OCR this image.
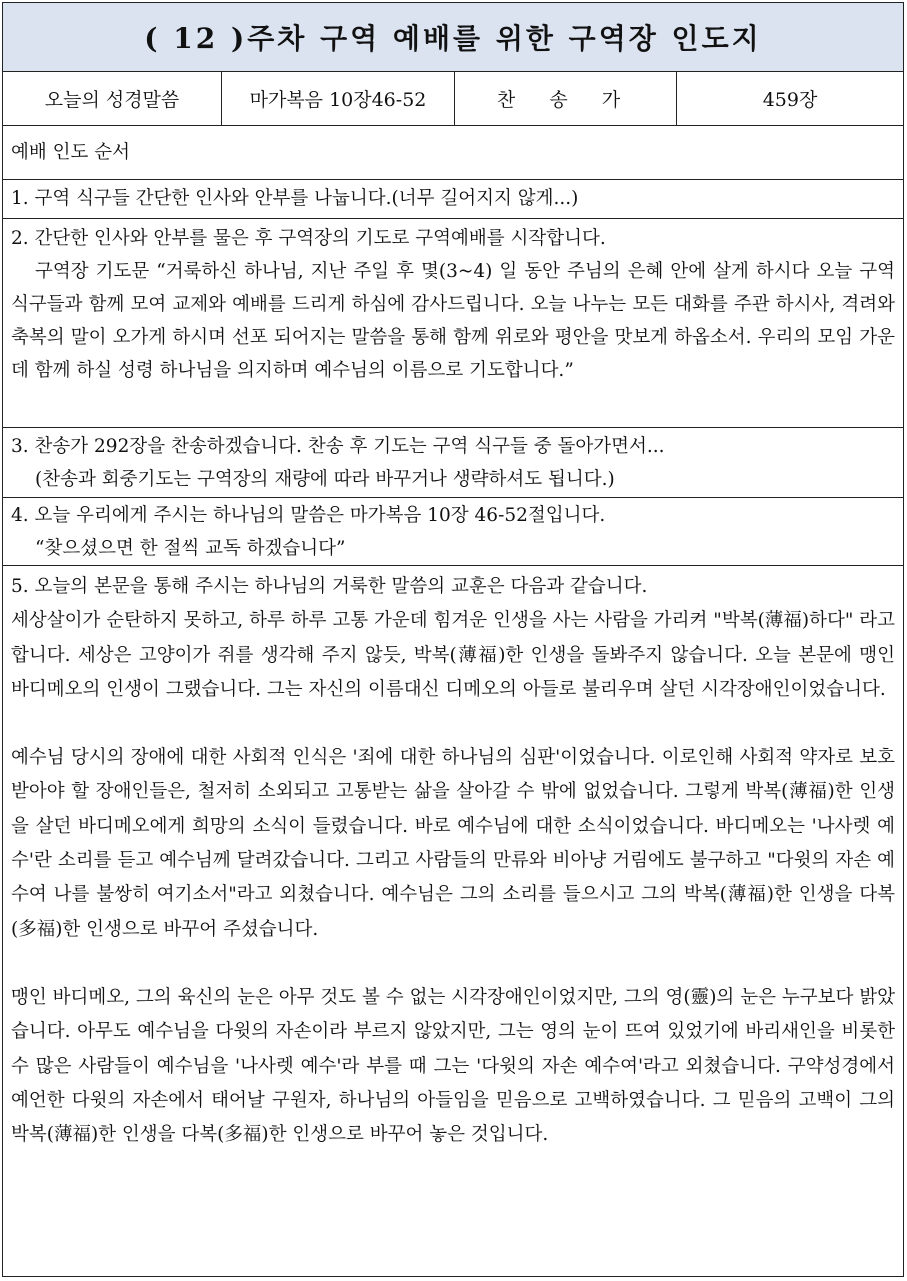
( 12 )주차 구역 예배를 위한 구역장 인도지
오늘의 성경말씀	마가복음 10장46-52	찬 송 가	459장
예배 인도 순서

1. 구역 식구들 간단한 인사와 안부를 나눕니다.(너무 길어지지 않게...)

2. 간단한 인사와 안부를 물은 후 구역장의 기도로 구역예배를 시작합니다.

구역장 기도문 “거룩하신 하나님, 지난 주일 후 몇(3~4) 일 동안 주님의 은혜 안에 살게 하시다 오늘 구역 식구들과 함께 모여 교제와 예배를 드리게 하심에 감사드립니다. 오늘 나누는 모든 대화를 주관 하시사, 격려와 축복의 말이 오가게 하시며 선포 되어지는 말씀을 통해 함께 위로와 평안을 맛보게 하옵소서. 우리의 모임 가운데 함께 하실 성령 하나님을 의지하며 예수님의 이름으로 기도합니다.”

3. 찬송가 292장을 찬송하겠습니다. 찬송 후 기도는 구역 식구들 중 돌아가면서...

(찬송과 회중기도는 구역장의 재량에 따라 바꾸거나 생략하셔도 됩니다.)

4. 오늘 우리에게 주시는 하나님의 말씀은 마가복음 10장 46-52절입니다.

“찾으셨으면 한 절씩 교독 하겠습니다”

5. 오늘의 본문을 통해 주시는 하나님의 거룩한 말씀의 교훈은 다음과 같습니다.

세상살이가 순탄하지 못하고, 하루 하루 고통 가운데 힘겨운 인생을 사는 사람을 가리켜 "박복(薄福)하다" 라고 합니다. 세상은 고양이가 쥐를 생각해 주지 않듯, 박복(薄福)한 인생을 돌봐주지 않습니다. 오늘 본문에 맹인 바디메오의 인생이 그랬습니다. 그는 자신의 이름대신 디메오의 아들로 불리우며 살던 시각장애인이었습니다.

예수님 당시의 장애에 대한 사회적 인식은 '죄에 대한 하나님의 심판'이었습니다. 이로인해 사회적 약자로 보호받아야 할 장애인들은, 철저히 소외되고 고통받는 삶을 살아갈 수 밖에 없었습니다. 그렇게 박복(薄福)한 인생을 살던 바디메오에게 희망의 소식이 들렸습니다. 바로 예수님에 대한 소식이었습니다. 바디메오는 '나사렛 예수'란 소리를 듣고 예수님께 달려갔습니다. 그리고 사람들의 만류와 비아냥 거림에도 불구하고 "다윗의 자손 예수여 나를 불쌍히 여기소서"라고 외쳤습니다. 예수님은 그의 소리를 들으시고 그의 박복(薄福)한 인생을 다복(多福)한 인생으로 바꾸어 주셨습니다.

맹인 바디메오, 그의 육신의 눈은 아무 것도 볼 수 없는 시각장애인이었지만, 그의 영(靈)의 눈은 누구보다 밝았습니다. 아무도 예수님을 다윗의 자손이라 부르지 않았지만, 그는 영의 눈이 뜨여 있었기에 바리새인을 비롯한 수 많은 사람들이 예수님을 '나사렛 예수'라 부를 때 그는 '다윗의 자손 예수여'라고 외쳤습니다. 구약성경에서 예언한 다윗의 자손에서 태어날 구원자, 하나님의 아들임을 믿음으로 고백하였습니다. 그 믿음의 고백이 그의 박복(薄福)한 인생을 다복(多福)한 인생으로 바꾸어 놓은 것입니다.
